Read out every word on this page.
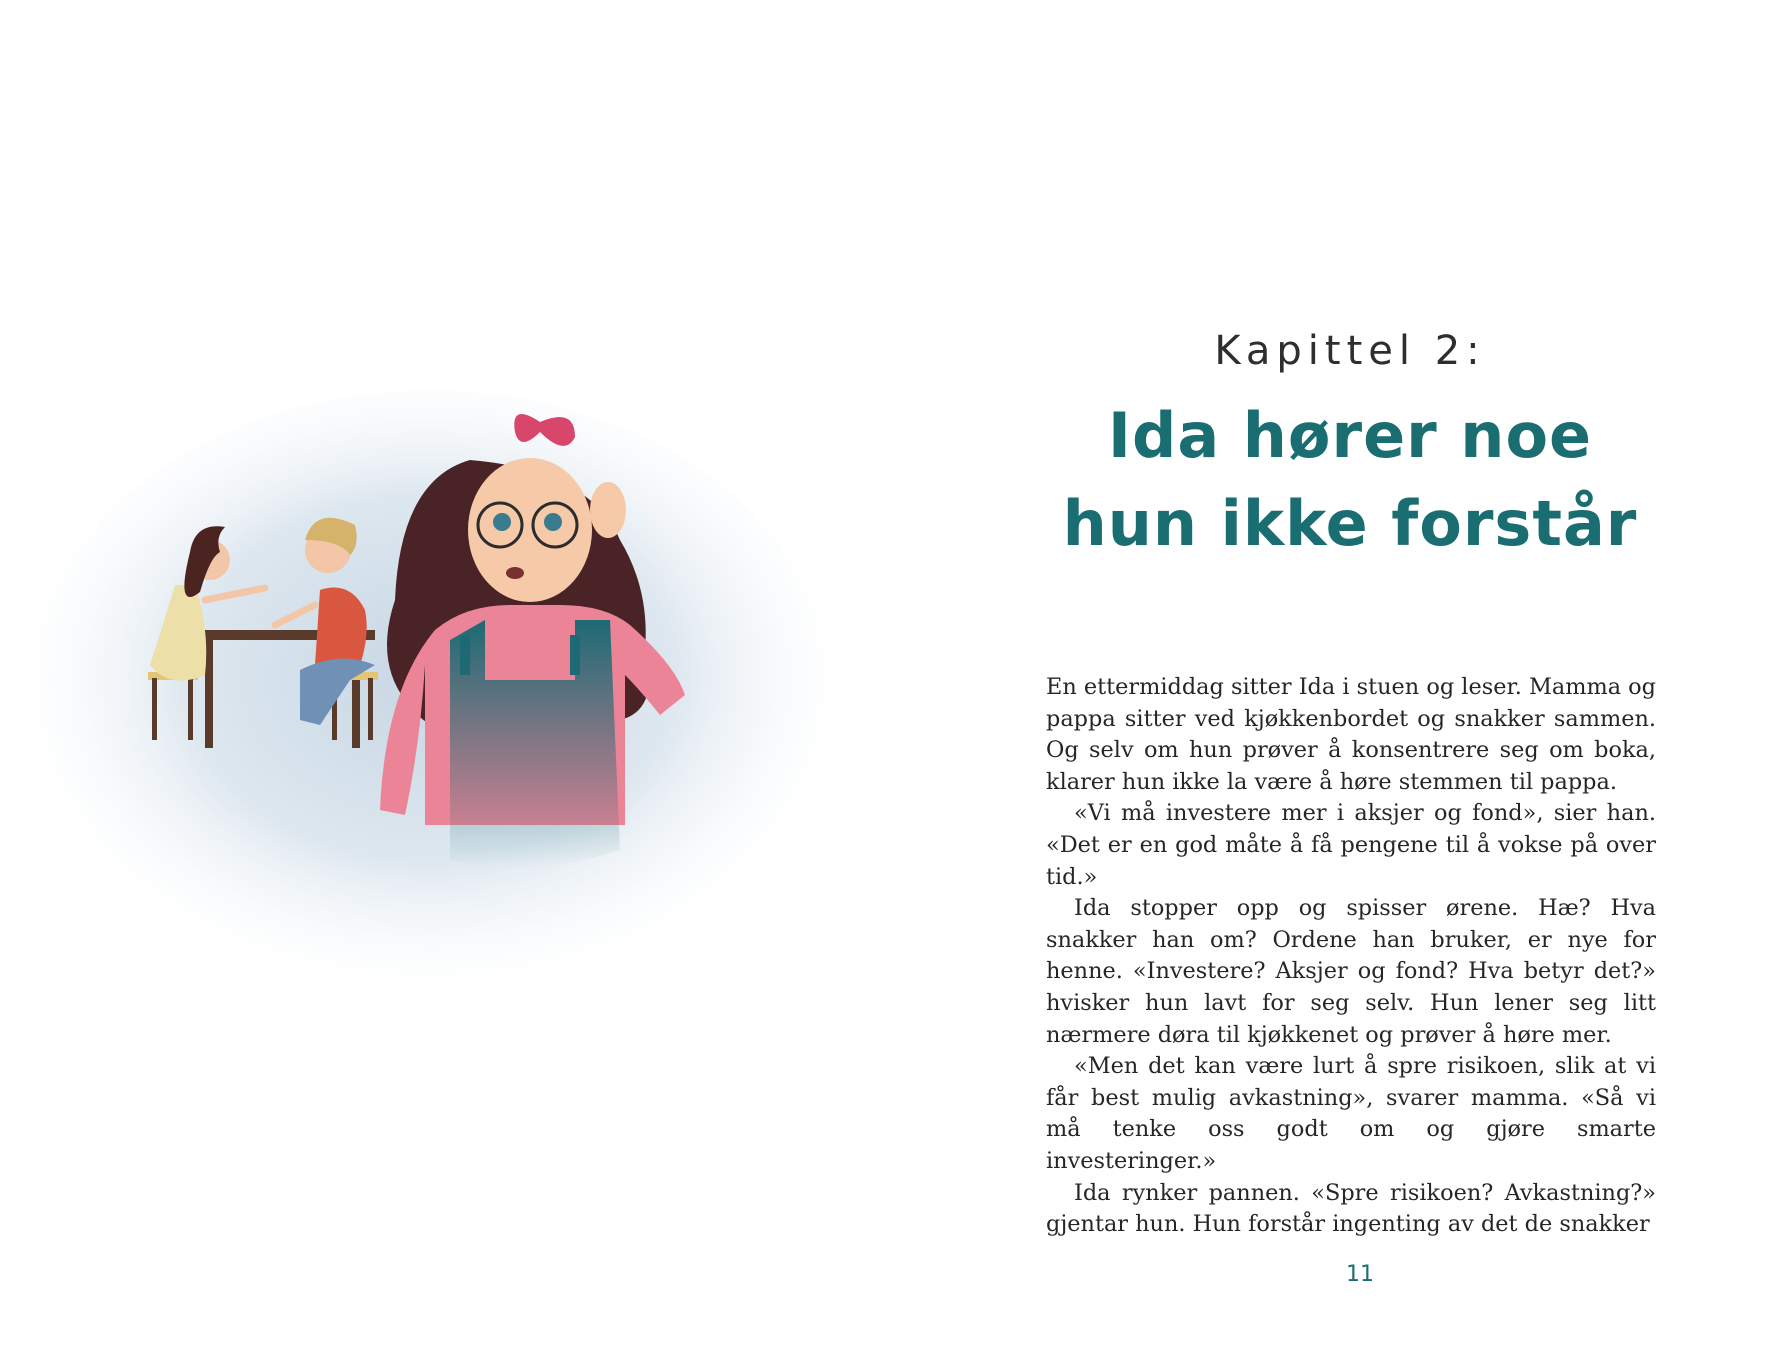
Kapittel 2:
Ida hører noe
hun ikke forstår

En ettermiddag sitter Ida i stuen og leser. Mamma og pappa sitter ved kjøkkenbordet og snakker sammen. Og selv om hun prøver å konsentrere seg om boka, klarer hun ikke la være å høre stemmen til pappa.

«Vi må investere mer i aksjer og fond», sier han. «Det er en god måte å få pengene til å vokse på over tid.»

Ida stopper opp og spisser ørene. Hæ? Hva snakker han om? Ordene han bruker, er nye for henne. «Investere? Aksjer og fond? Hva betyr det?» hvisker hun lavt for seg selv. Hun lener seg litt nærmere døra til kjøkkenet og prøver å høre mer.

«Men det kan være lurt å spre risikoen, slik at vi får best mulig avkastning», svarer mamma. «Så vi må tenke oss godt om og gjøre smarte investeringer.»

Ida rynker pannen. «Spre risikoen? Avkastning?» gjentar hun. Hun forstår ingenting av det de snakker

11
